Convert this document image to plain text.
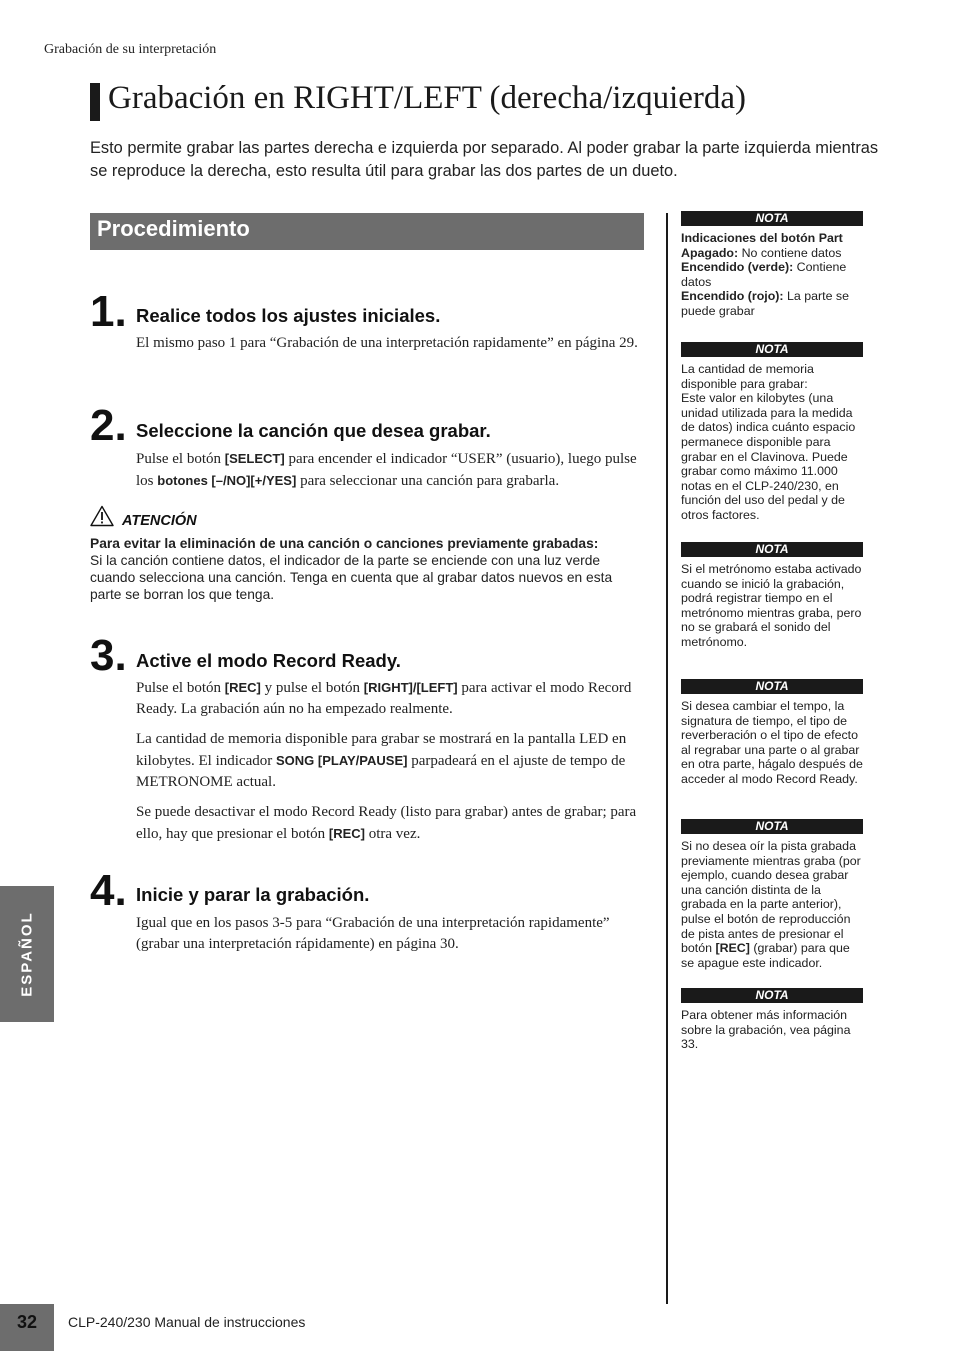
Grabación de su interpretación
Grabación en RIGHT/LEFT (derecha/izquierda)
Esto permite grabar las partes derecha e izquierda por separado. Al poder grabar la parte izquierda mientras se reproduce la derecha, esto resulta útil para grabar las dos partes de un dueto.
Procedimiento
1. Realice todos los ajustes iniciales.

El mismo paso 1 para “Grabación de una interpretación rapidamente” en página 29.

2. Seleccione la canción que desea grabar.

Pulse el botón [SELECT] para encender el indicador “USER” (usuario), luego pulse los botones [–/NO][+/YES] para seleccionar una canción para grabarla.

ATENCIÓN
Para evitar la eliminación de una canción o canciones previamente grabadas:
Si la canción contiene datos, el indicador de la parte se enciende con una luz verde cuando selecciona una canción. Tenga en cuenta que al grabar datos nuevos en esta parte se borran los que tenga.
3. Active el modo Record Ready.

Pulse el botón [REC] y pulse el botón [RIGHT]/[LEFT] para activar el modo Record Ready. La grabación aún no ha empezado realmente.

La cantidad de memoria disponible para grabar se mostrará en la pantalla LED en kilobytes. El indicador SONG [PLAY/PAUSE] parpadeará en el ajuste de tempo de METRONOME actual.

Se puede desactivar el modo Record Ready (listo para grabar) antes de grabar; para ello, hay que presionar el botón [REC] otra vez.

4. Inicie y parar la grabación.

Igual que en los pasos 3-5 para “Grabación de una interpretación rapidamente” (grabar una interpretación rápidamente) en página 30.

NOTA

Indicaciones del botón Part

Apagado: No contiene datos

Encendido (verde): Contiene datos

Encendido (rojo): La parte se puede grabar

NOTA

La cantidad de memoria disponible para grabar:

Este valor en kilobytes (una unidad utilizada para la medida de datos) indica cuánto espacio permanece disponible para grabar en el Clavinova. Puede grabar como máximo 11.000 notas en el CLP-240/230, en función del uso del pedal y de otros factores.

NOTA

Si el metrónomo estaba activado cuando se inició la grabación, podrá registrar tiempo en el metrónomo mientras graba, pero no se grabará el sonido del metrónomo.

NOTA

Si desea cambiar el tempo, la signatura de tiempo, el tipo de reverberación o el tipo de efecto al regrabar una parte o al grabar en otra parte, hágalo después de acceder al modo Record Ready.

NOTA

Si no desea oír la pista grabada previamente mientras graba (por ejemplo, cuando desea grabar una canción distinta de la grabada en la parte anterior), pulse el botón de reproducción de pista antes de presionar el botón [REC] (grabar) para que se apague este indicador.

NOTA

Para obtener más información sobre la grabación, vea página 33.

ESPAÑOL
32	CLP-240/230 Manual de instrucciones
